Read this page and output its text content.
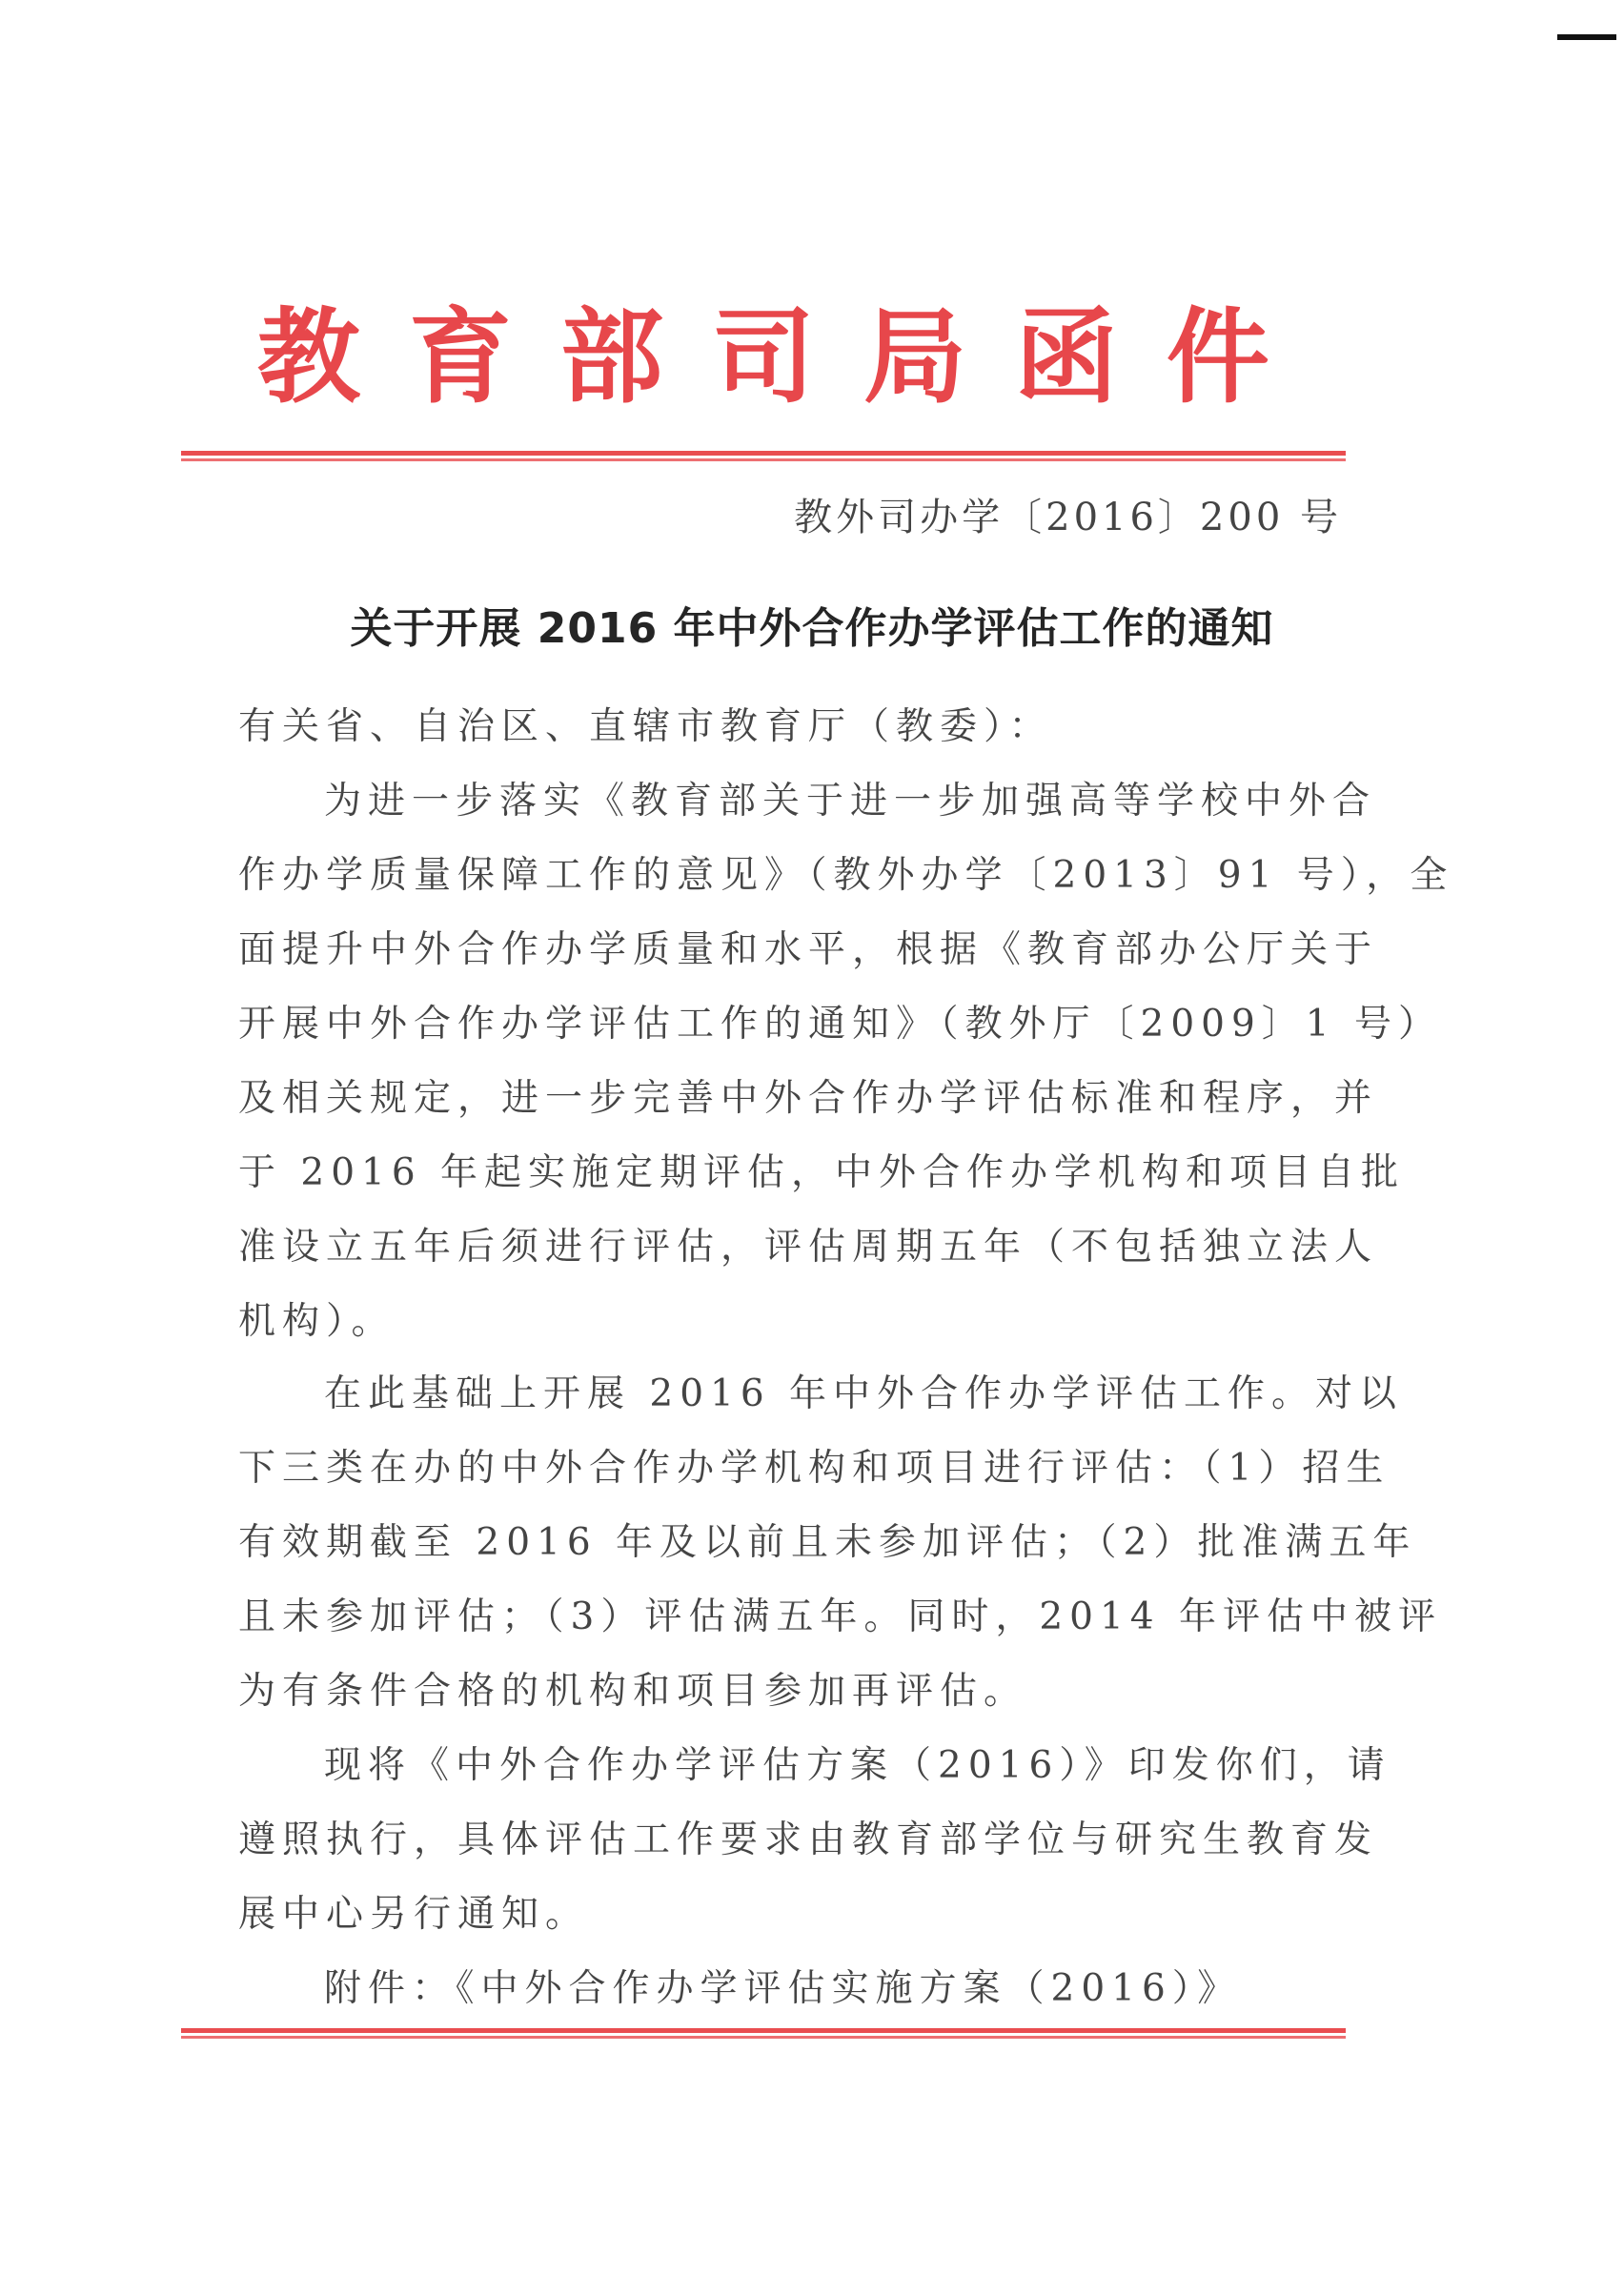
教 育 部 司 局 函 件
教外司办学〔2016〕200 号
关于开展 2016 年中外合作办学评估工作的通知
有关省、自治区、直辖市教育厅（教委）：
为进一步落实《教育部关于进一步加强高等学校中外合
作办学质量保障工作的意见》（教外办学〔2013〕91 号），全
面提升中外合作办学质量和水平，根据《教育部办公厅关于
开展中外合作办学评估工作的通知》（教外厅〔2009〕1 号）
及相关规定，进一步完善中外合作办学评估标准和程序，并
于 2016 年起实施定期评估，中外合作办学机构和项目自批
准设立五年后须进行评估，评估周期五年（不包括独立法人
机构）。
在此基础上开展 2016 年中外合作办学评估工作。对以
下三类在办的中外合作办学机构和项目进行评估：（1）招生
有效期截至 2016 年及以前且未参加评估；（2）批准满五年
且未参加评估；（3）评估满五年。同时，2014 年评估中被评
为有条件合格的机构和项目参加再评估。
现将《中外合作办学评估方案（2016）》印发你们，请
遵照执行，具体评估工作要求由教育部学位与研究生教育发
展中心另行通知。
附件：《中外合作办学评估实施方案（2016）》
